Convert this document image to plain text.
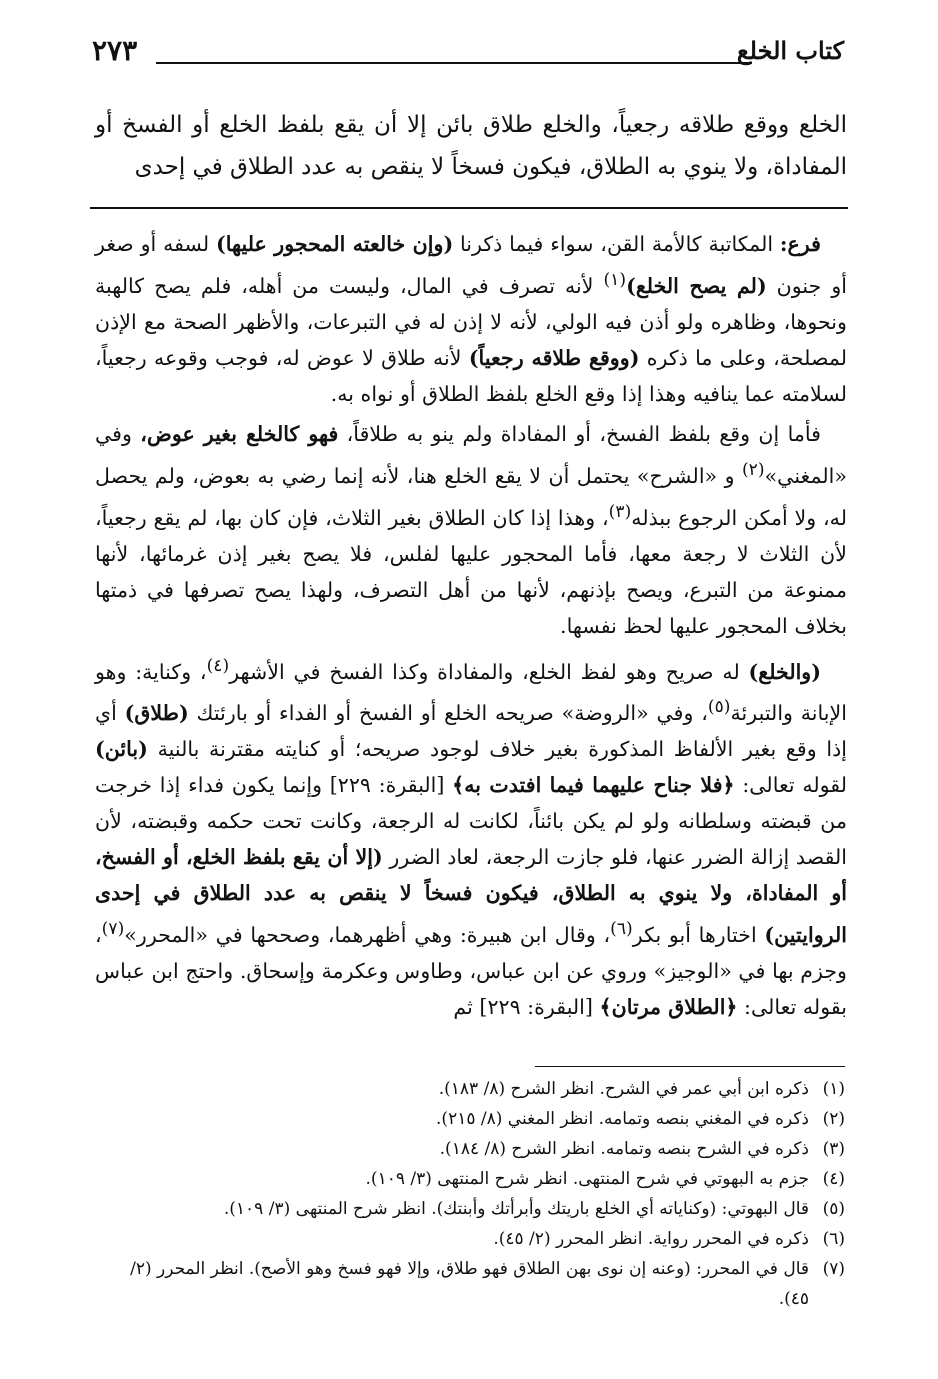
٢٧٣	كتاب الخلع
الخلع ووقع طلاقه رجعياً، والخلع طلاق بائن إلا أن يقع بلفظ الخلع أو الفسخ أو المفاداة، ولا ينوي به الطلاق، فيكون فسخاً لا ينقص به عدد الطلاق في إحدى

فرع: المكاتبة كالأمة القن، سواء فيما ذكرنا (وإن خالعته المحجور عليها) لسفه أو صغر أو جنون (لم يصح الخلع)$^{(١)}$ لأنه تصرف في المال، وليست من أهله، فلم يصح كالهبة ونحوها، وظاهره ولو أذن فيه الولي، لأنه لا إذن له في التبرعات، والأظهر الصحة مع الإذن لمصلحة، وعلى ما ذكره (ووقع طلاقه رجعياً) لأنه طلاق لا عوض له، فوجب وقوعه رجعياً، لسلامته عما ينافيه وهذا إذا وقع الخلع بلفظ الطلاق أو نواه به.

فأما إن وقع بلفظ الفسخ، أو المفاداة ولم ينو به طلاقاً، فهو كالخلع بغير عوض، وفي «المغني»$^{(٢)}$ و «الشرح» يحتمل أن لا يقع الخلع هنا، لأنه إنما رضي به بعوض، ولم يحصل له، ولا أمكن الرجوع ببذله$^{(٣)}$، وهذا إذا كان الطلاق بغير الثلاث، فإن كان بها، لم يقع رجعياً، لأن الثلاث لا رجعة معها، فأما المحجور عليها لفلس، فلا يصح بغير إذن غرمائها، لأنها ممنوعة من التبرع، ويصح بإذنهم، لأنها من أهل التصرف، ولهذا يصح تصرفها في ذمتها بخلاف المحجور عليها لحظ نفسها.

(والخلع) له صريح وهو لفظ الخلع، والمفاداة وكذا الفسخ في الأشهر$^{(٤)}$، وكناية: وهو الإبانة والتبرئة$^{(٥)}$، وفي «الروضة» صريحه الخلع أو الفسخ أو الفداء أو بارئتك (طلاق) أي إذا وقع بغير الألفاظ المذكورة بغير خلاف لوجود صريحه؛ أو كنايته مقترنة بالنية (بائن) لقوله تعالى: ﴿فلا جناح عليهما فيما افتدت به﴾ [البقرة: ٢٢٩] وإنما يكون فداء إذا خرجت من قبضته وسلطانه ولو لم يكن بائناً، لكانت له الرجعة، وكانت تحت حكمه وقبضته، لأن القصد إزالة الضرر عنها، فلو جازت الرجعة، لعاد الضرر (إلا أن يقع بلفظ الخلع، أو الفسخ، أو المفاداة، ولا ينوي به الطلاق، فيكون فسخاً لا ينقص به عدد الطلاق في إحدى الروايتين) اختارها أبو بكر$^{(٦)}$، وقال ابن هبيرة: وهي أظهرهما، وصححها في «المحرر»$^{(٧)}$، وجزم بها في «الوجيز» وروي عن ابن عباس، وطاوس وعكرمة وإسحاق. واحتج ابن عباس بقوله تعالى: ﴿الطلاق مرتان﴾ [البقرة: ٢٢٩] ثم

(١)
ذكره ابن أبي عمر في الشرح. انظر الشرح (٨/ ١٨٣).
(٢)
ذكره في المغني بنصه وتمامه. انظر المغني (٨/ ٢١٥).
(٣)
ذكره في الشرح بنصه وتمامه. انظر الشرح (٨/ ١٨٤).
(٤)
جزم به البهوتي في شرح المنتهى. انظر شرح المنتهى (٣/ ١٠٩).
(٥)
قال البهوتي: (وكناياته أي الخلع باريتك وأبرأتك وأبنتك). انظر شرح المنتهى (٣/ ١٠٩).
(٦)
ذكره في المحرر رواية. انظر المحرر (٢/ ٤٥).
(٧)
قال في المحرر: (وعنه إن نوى بهن الطلاق فهو طلاق، وإلا فهو فسخ وهو الأصح). انظر المحرر (٢/ ٤٥).
